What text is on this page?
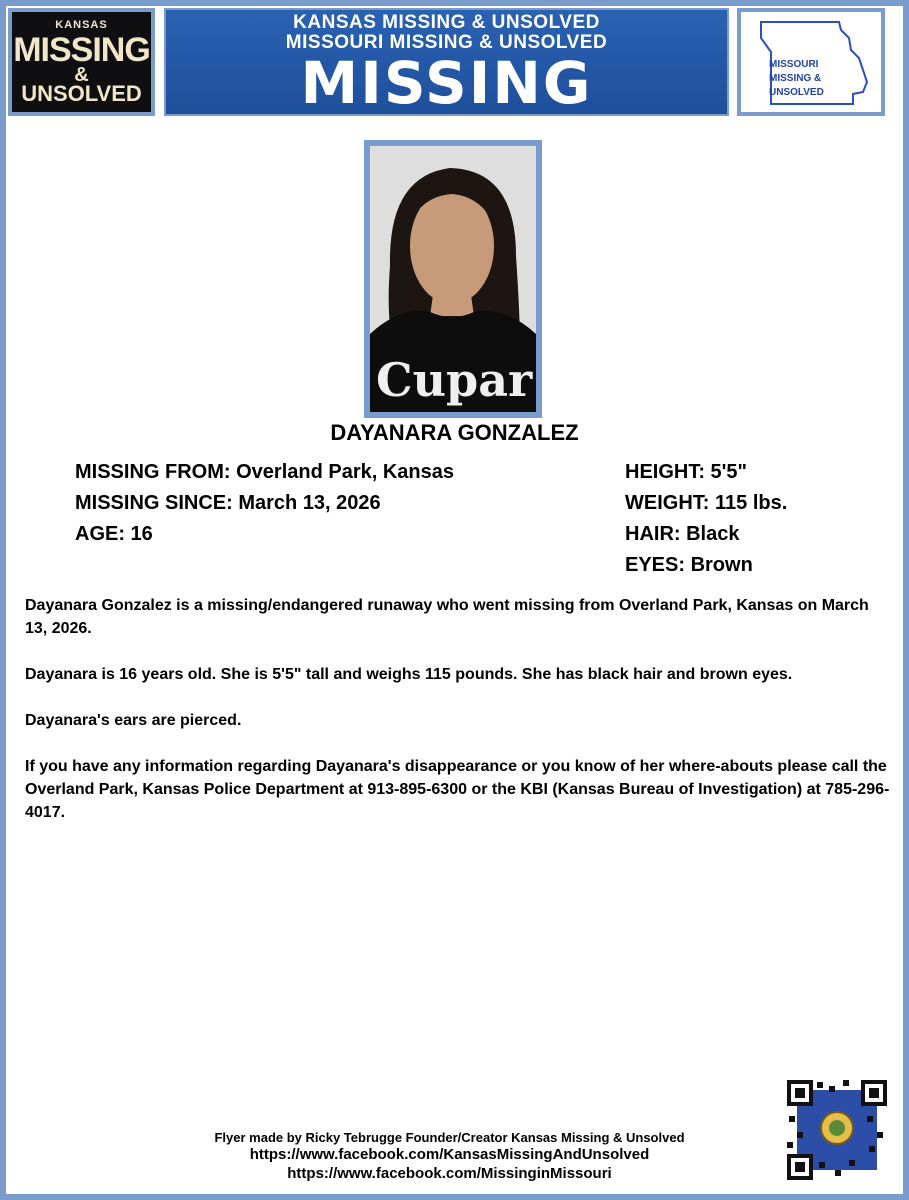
KANSAS
MISSING
&
UNSOLVED
KANSAS MISSING & UNSOLVED
MISSOURI MISSING & UNSOLVED
MISSING	MISSOURI
MISSING &
UNSOLVED
Cupar
DAYANARA GONZALEZ
MISSING FROM: Overland Park, Kansas
MISSING SINCE: March 13, 2026
AGE: 16
HEIGHT: 5'5"
WEIGHT: 115 lbs.
HAIR: Black
EYES: Brown

Dayanara Gonzalez is a missing/endangered runaway who went missing from Overland Park, Kansas on March 13, 2026.

Dayanara is 16 years old. She is 5'5" tall and weighs 115 pounds. She has black hair and brown eyes.

Dayanara's ears are pierced.

If you have any information regarding Dayanara's disappearance or you know of her where-abouts please call the Overland Park, Kansas Police Department at 913-895-6300 or the KBI (Kansas Bureau of Investigation) at 785-296-4017.

Flyer made by Ricky Tebrugge Founder/Creator Kansas Missing & Unsolved
https://www.facebook.com/KansasMissingAndUnsolved
https://www.facebook.com/MissinginMissouri
